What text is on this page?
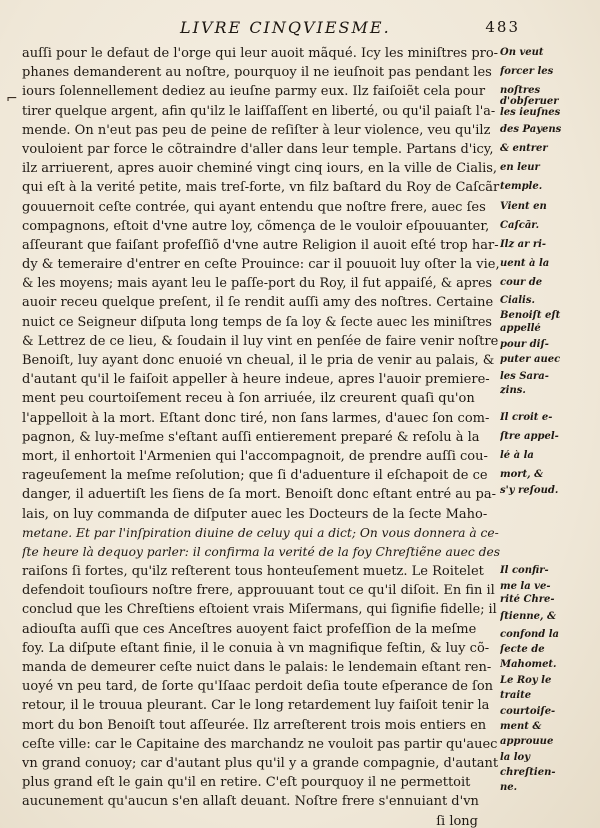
LIVRE CINQVIESME.	483
⌐
auſſi pour le defaut de l'orge qui leur auoit mãqué. Icy les miniſtres pro-
phanes demanderent au noſtre, pourquoy il ne ieuſnoit pas pendant les
iours ſolennellement dediez au ieuſne parmy eux. Ilz faiſoiẽt cela pour
tirer quelque argent, afin qu'ilz le laiſſaſſent en liberté, ou qu'il paiaſt l'a-
mende. On n'eut pas peu de peine de reſiſter à leur violence, veu qu'ilz
vouloient par force le cõtraindre d'aller dans leur temple. Partans d'icy,
ilz arriuerent, apres auoir cheminé vingt cinq iours, en la ville de Cialis,
qui eſt à la verité petite, mais treſ-forte, vn filz baſtard du Roy de Caſcãr
gouuernoit ceſte contrée, qui ayant entendu que noſtre frere, auec ſes
compagnons, eſtoit d'vne autre loy, cõmença de le vouloir eſpouuanter,
aſſeurant que faiſant profeſſiõ d'vne autre Religion il auoit eſté trop har-
dy & temeraire d'entrer en ceſte Prouince: car il pouuoit luy oſter la vie,
& les moyens; mais ayant leu le paſſe-port du Roy, il fut appaiſé, & apres
auoir receu quelque preſent, il ſe rendit auſſi amy des noſtres. Certaine
nuict ce Seigneur diſputa long temps de ſa loy & ſecte auec les miniſtres
& Lettrez de ce lieu, & ſoudain il luy vint en penſée de faire venir noſtre
Benoiſt, luy ayant donc enuoié vn cheual, il le pria de venir au palais, &
d'autant qu'il le faiſoit appeller à heure indeue, apres l'auoir premiere-
ment peu courtoiſement receu à ſon arriuée, ilz creurent quaſi qu'on
l'appelloit à la mort. Eſtant donc tiré, non ſans larmes, d'auec ſon com-
pagnon, & luy-meſme s'eſtant auſſi entierement preparé & reſolu à la
mort, il enhortoit l'Armenien qui l'accompagnoit, de prendre auſſi cou-
rageuſement la meſme reſolution; que ſi d'aduenture il eſchapoit de ce
danger, il aduertiſt les ſiens de ſa mort. Benoiſt donc eſtant entré au pa-
lais, on luy commanda de diſputer auec les Docteurs de la ſecte Maho-
metane. Et par l'inſpiration diuine de celuy qui a dict; On vous donnera à ce-
ſte heure là dequoy parler: il confirma la verité de la foy Chreſtiẽne auec des
raiſons ſi fortes, qu'ilz reſterent tous honteuſement muetz. Le Roitelet
defendoit touſiours noſtre frere, approuuant tout ce qu'il diſoit. En fin il
conclud que les Chreſtiens eſtoient vrais Miſermans, qui ſignifie fidelle; il
adiouſta auſſi que ces Anceſtres auoyent faict profeſſion de la meſme
foy. La diſpute eſtant finie, il le conuia à vn magnifique feſtin, & luy cõ-
manda de demeurer ceſte nuict dans le palais: le lendemain eſtant ren-
uoyé vn peu tard, de ſorte qu'Iſaac perdoit deſia toute eſperance de ſon
retour, il le trouua pleurant. Car le long retardement luy faiſoit tenir la
mort du bon Benoiſt tout aſſeurée. Ilz arreſterent trois mois entiers en
ceſte ville: car le Capitaine des marchandz ne vouloit pas partir qu'auec
vn grand conuoy; car d'autant plus qu'il y a grande compagnie, d'autant
plus grand eſt le gain qu'il en retire. C'eſt pourquoy il ne permettoit
aucunement qu'aucun s'en allaſt deuant. Noſtre frere s'ennuiant d'vn
ſi long
On veut
forcer les
noſtres
d'obſeruer
les ieuſnes
des Payens
& entrer
en leur
temple.
Vient en
Caſcãr.
Ilz ar ri-
uent à la
cour de
Cialis.
Benoiſt eſt
appellé
pour diſ-
puter auec
les Sara-
zins.
Il croit e-
ſtre appel-
lé à la
mort, &
s'y reſoud.
Il confir-
me la ve-
rité Chre-
ſtienne, &
confond la
ſecte de
Mahomet.
Le Roy le
traite
courtoiſe-
ment &
approuue
la loy
chreſtien-
ne.
